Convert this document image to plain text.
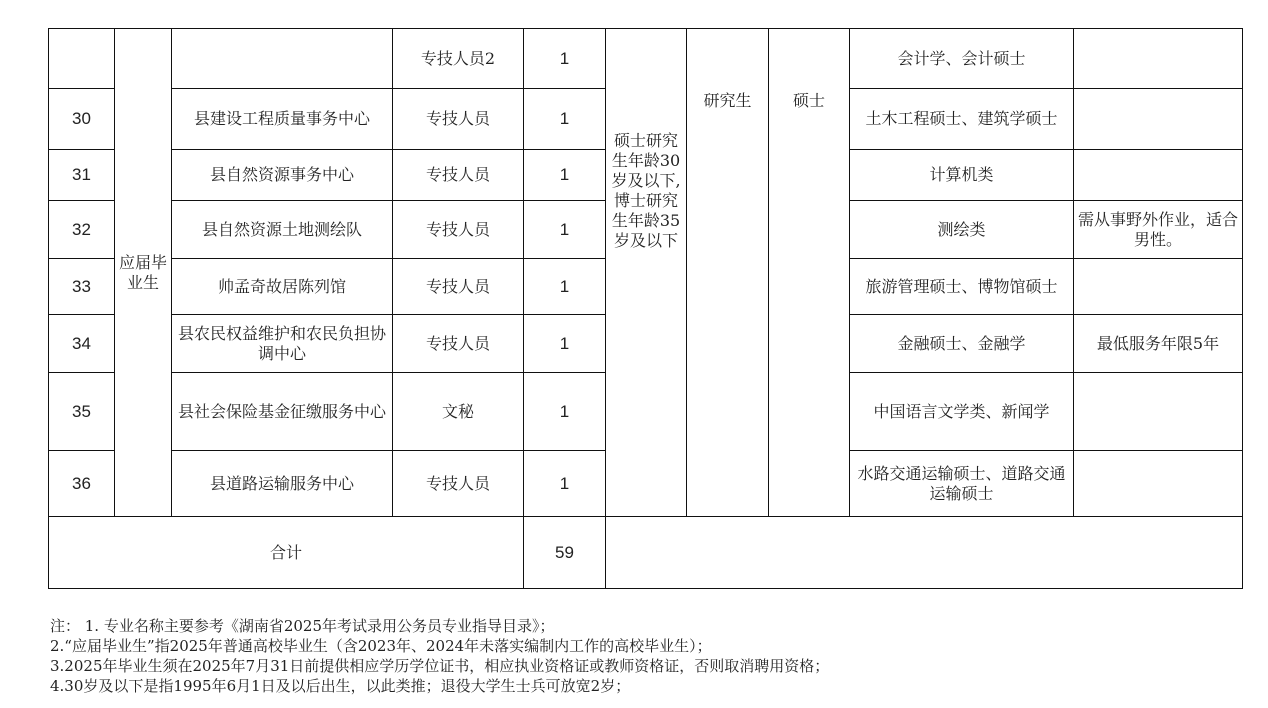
	应届毕业生		专技人员2	1	硕士研究生年龄30岁及以下,博士研究生年龄35岁及以下	研究生	硕士	会计学、会计硕士	
30		县建设工程质量事务中心	专技人员	1				土木工程硕士、建筑学硕士	
31		县自然资源事务中心	专技人员	1				计算机类	
32		县自然资源土地测绘队	专技人员	1				测绘类	需从事野外作业，适合男性。
33		帅孟奇故居陈列馆	专技人员	1				旅游管理硕士、博物馆硕士	
34		县农民权益维护和农民负担协调中心	专技人员	1				金融硕士、金融学	最低服务年限5年
35		县社会保险基金征缴服务中心	文秘	1				中国语言文学类、新闻学	
36		县道路运输服务中心	专技人员	1				水路交通运输硕士、道路交通运输硕士	
合计				59					
注： 1. 专业名称主要参考《湖南省2025年考试录用公务员专业指导目录》；
2.“应届毕业生”指2025年普通高校毕业生（含2023年、2024年未落实编制内工作的高校毕业生）；
3.2025年毕业生须在2025年7月31日前提供相应学历学位证书，相应执业资格证或教师资格证，否则取消聘用资格；
4.30岁及以下是指1995年6月1日及以后出生，以此类推；退役大学生士兵可放宽2岁；
